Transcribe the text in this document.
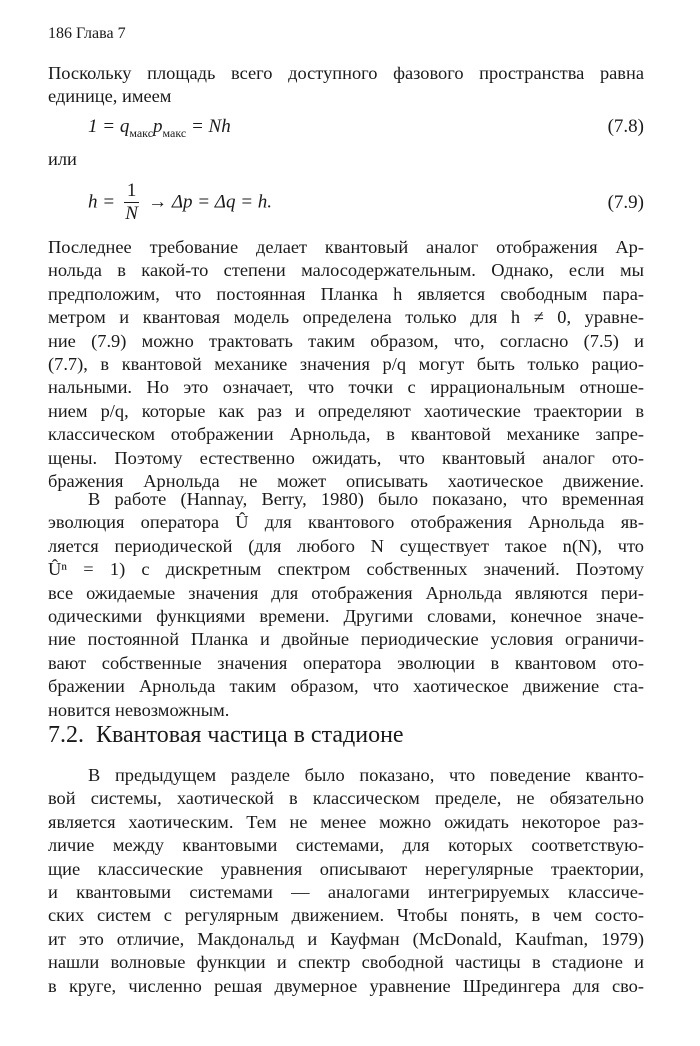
186 Глава 7
Поскольку площадь всего доступного фазового пространства равна
единице, имеем
$1 = q_{макс}p_{макс} = Nh$	(7.8)
или
$h = \frac{1}{N} \to \Delta p = \Delta q = h$.	(7.9)
Последнее требование делает квантовый аналог отображения Ар-
нольда в какой-то степени малосодержательным. Однако, если мы
предположим, что постоянная Планка h является свободным пара-
метром и квантовая модель определена только для h ≠ 0, уравне-
ние (7.9) можно трактовать таким образом, что, согласно (7.5) и
(7.7), в квантовой механике значения p/q могут быть только рацио-
нальными. Но это означает, что точки с иррациональным отноше-
нием p/q, которые как раз и определяют хаотические траектории в
классическом отображении Арнольда, в квантовой механике запре-
щены. Поэтому естественно ожидать, что квантовый аналог ото-
бражения Арнольда не может описывать хаотическое движение.
В работе (Hannay, Berry, 1980) было показано, что временная
эволюция оператора Û для квантового отображения Арнольда яв-
ляется периодической (для любого N существует такое n(N), что
Ûⁿ = 1) с дискретным спектром собственных значений. Поэтому
все ожидаемые значения для отображения Арнольда являются пери-
одическими функциями времени. Другими словами, конечное значе-
ние постоянной Планка и двойные периодические условия ограничи-
вают собственные значения оператора эволюции в квантовом ото-
бражении Арнольда таким образом, что хаотическое движение ста-
новится невозможным.
7.2. Квантовая частица в стадионе
В предыдущем разделе было показано, что поведение кванто-
вой системы, хаотической в классическом пределе, не обязательно
является хаотическим. Тем не менее можно ожидать некоторое раз-
личие между квантовыми системами, для которых соответствую-
щие классические уравнения описывают нерегулярные траектории,
и квантовыми системами — аналогами интегрируемых классиче-
ских систем с регулярным движением. Чтобы понять, в чем состо-
ит это отличие, Макдональд и Кауфман (McDonald, Kaufman, 1979)
нашли волновые функции и спектр свободной частицы в стадионе и
в круге, численно решая двумерное уравнение Шредингера для сво-
